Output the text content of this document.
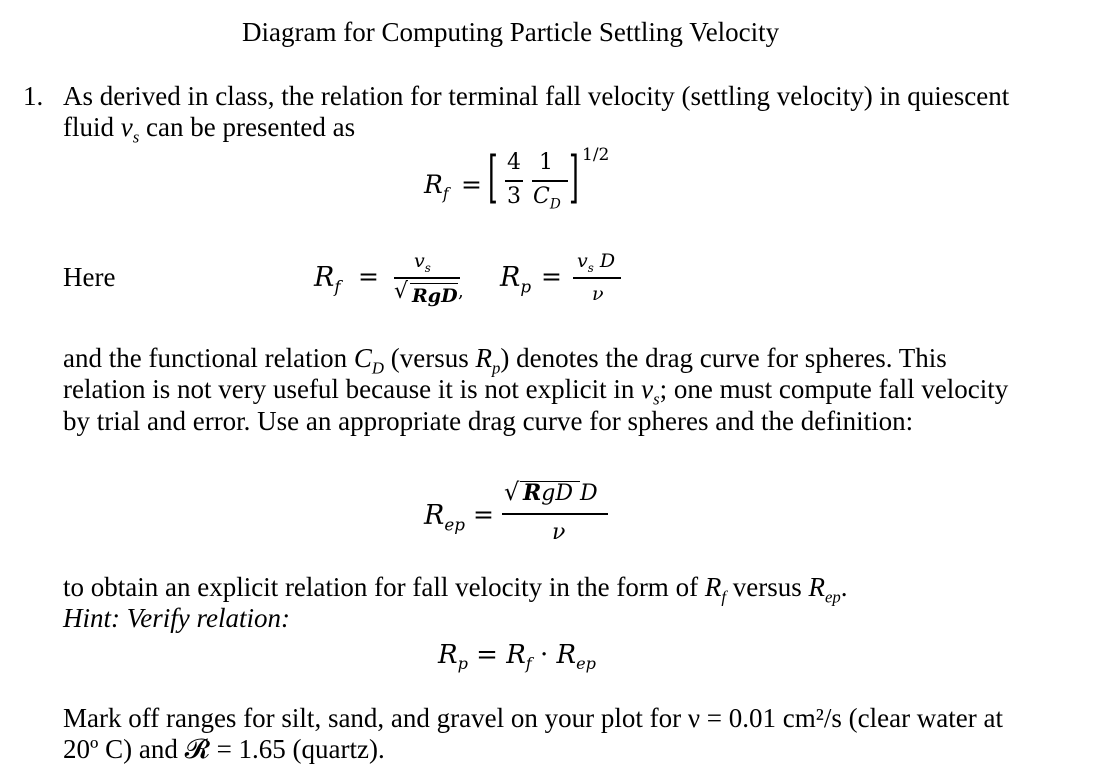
Diagram for Computing Particle Settling Velocity
1. As derived in class, the relation for terminal fall velocity (settling velocity) in quiescent
fluid $v_s$ can be presented as
$R_f$ = [ 4
3
1
$C_D$ ] 1/2
Here	$R_f$ =
$v_s$
√ RgD , $R_p$ =
$v_s$ D
ν
and the functional relation $C_D$ (versus $R_p$) denotes the drag curve for spheres. This
relation is not very useful because it is not explicit in $v_s$; one must compute fall velocity
by trial and error. Use an appropriate drag curve for spheres and the definition:
$R_{ep}$ =
√ RgD D
ν
to obtain an explicit relation for fall velocity in the form of $R_f$ versus $R_{ep}$.
Hint: Verify relation:
$R_p = R_f \cdot R_{ep}$
Mark off ranges for silt, sand, and gravel on your plot for ν = 0.01 cm²/s (clear water at
20º C) and 𝓡 = 1.65 (quartz).
